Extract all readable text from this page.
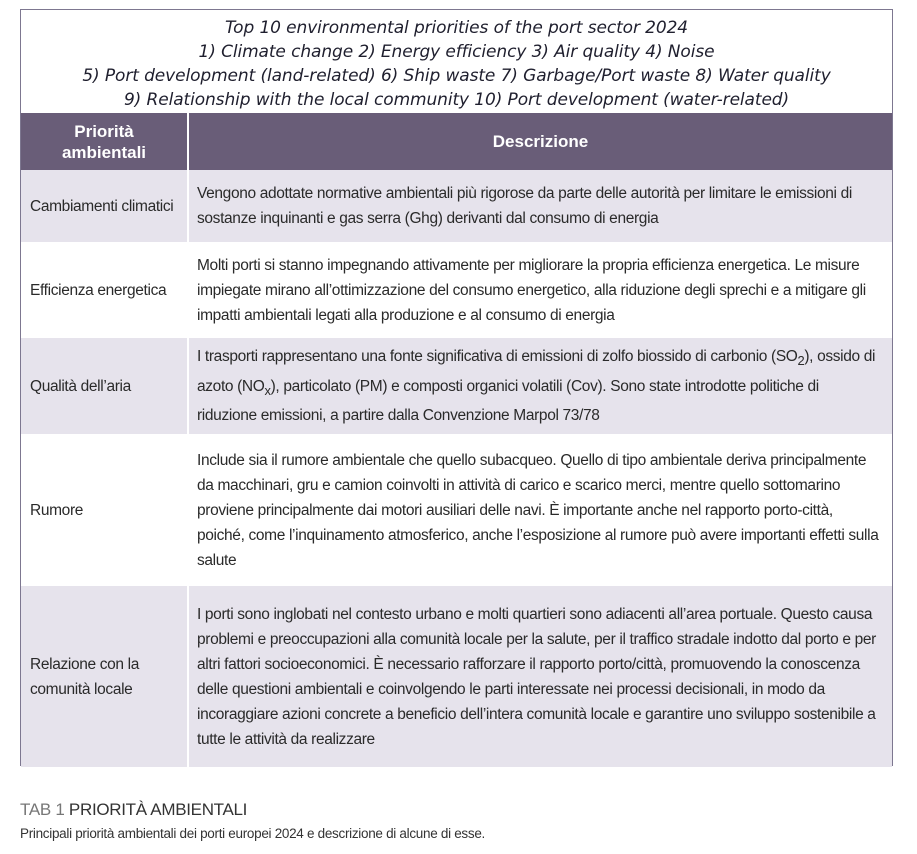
Top 10 environmental priorities of the port sector 2024
1) Climate change 2) Energy efficiency 3) Air quality 4) Noise
5) Port development (land-related) 6) Ship waste 7) Garbage/Port waste 8) Water quality
9) Relationship with the local community 10) Port development (water-related)
Priorità
ambientali	Descrizione
Cambiamenti climatici	Vengono adottate normative ambientali più rigorose da parte delle autorità per limitare le emissioni di sostanze inquinanti e gas serra (Ghg) derivanti dal consumo di energia
Efficienza energetica	Molti porti si stanno impegnando attivamente per migliorare la propria efficienza energetica. Le misure impiegate mirano all’ottimizzazione del consumo energetico, alla riduzione degli sprechi e a mitigare gli impatti ambientali legati alla produzione e al consumo di energia
Qualità dell’aria	I trasporti rappresentano una fonte significativa di emissioni di zolfo biossido di carbonio $(SO_2)$, ossido di azoto $(NO_x)$, particolato (PM) e composti organici volatili (Cov). Sono state introdotte politiche di riduzione emissioni, a partire dalla Convenzione Marpol 73/78
Rumore	Include sia il rumore ambientale che quello subacqueo. Quello di tipo ambientale deriva principalmente da macchinari, gru e camion coinvolti in attività di carico e scarico merci, mentre quello sottomarino proviene principalmente dai motori ausiliari delle navi. È importante anche nel rapporto porto-città, poiché, come l’inquinamento atmosferico, anche l’esposizione al rumore può avere importanti effetti sulla salute
Relazione con la
comunità locale	I porti sono inglobati nel contesto urbano e molti quartieri sono adiacenti all’area portuale. Questo causa problemi e preoccupazioni alla comunità locale per la salute, per il traffico stradale indotto dal porto e per altri fattori socioeconomici. È necessario rafforzare il rapporto porto/città, promuovendo la conoscenza delle questioni ambientali e coinvolgendo le parti interessate nei processi decisionali, in modo da incoraggiare azioni concrete a beneficio dell’intera comunità locale e garantire uno sviluppo sostenibile a tutte le attività da realizzare
TAB 1 PRIORITÀ AMBIENTALI
Principali priorità ambientali dei porti europei 2024 e descrizione di alcune di esse.
